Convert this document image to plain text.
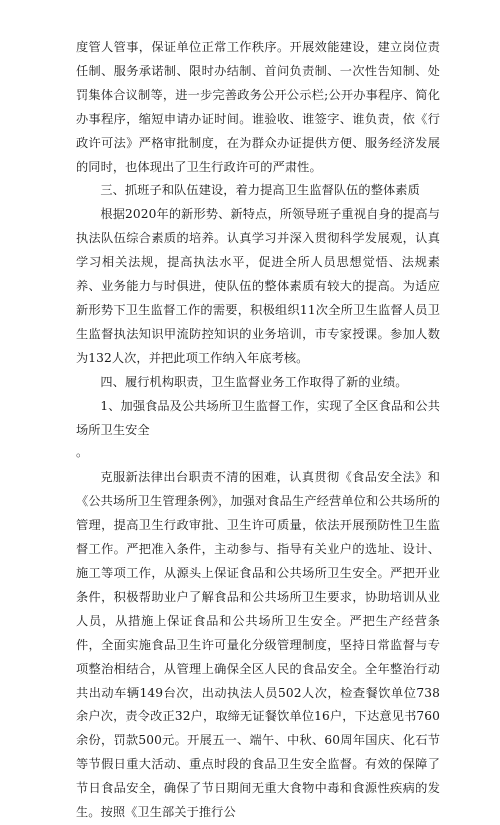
度管人管事，保证单位正常工作秩序。开展效能建设，建立岗位责任制、服务承诺制、限时办结制、首问负责制、一次性告知制、处罚集体合议制等，进一步完善政务公开公示栏;公开办事程序、简化办事程序，缩短申请办证时间。谁验收、谁签字、谁负责，依《行政许可法》严格审批制度，在为群众办证提供方便、服务经济发展的同时，也体现出了卫生行政许可的严肃性。

三、抓班子和队伍建设，着力提高卫生监督队伍的整体素质

根据2020年的新形势、新特点，所领导班子重视自身的提高与执法队伍综合素质的培养。认真学习并深入贯彻科学发展观，认真学习相关法规，提高执法水平，促进全所人员思想觉悟、法规素养、业务能力与时俱进，使队伍的整体素质有较大的提高。为适应新形势下卫生监督工作的需要，积极组织11次全所卫生监督人员卫生监督执法知识甲流防控知识的业务培训，市专家授课。参加人数为132人次，并把此项工作纳入年底考核。

四、履行机构职责，卫生监督业务工作取得了新的业绩。

1、加强食品及公共场所卫生监督工作，实现了全区食品和公共场所卫生安全

。

克服新法律出台职责不清的困难，认真贯彻《食品安全法》和《公共场所卫生管理条例》，加强对食品生产经营单位和公共场所的管理，提高卫生行政审批、卫生许可质量，依法开展预防性卫生监督工作。严把准入条件，主动参与、指导有关业户的选址、设计、施工等项工作，从源头上保证食品和公共场所卫生安全。严把开业条件，积极帮助业户了解食品和公共场所卫生要求，协助培训从业人员，从措施上保证食品和公共场所卫生安全。严把生产经营条件，全面实施食品卫生许可量化分级管理制度，坚持日常监督与专项整治相结合，从管理上确保全区人民的食品安全。全年整治行动共出动车辆149台次，出动执法人员502人次，检查餐饮单位738余户次，责令改正32户，取缔无证餐饮单位16户，下达意见书760余份，罚款500元。开展五一、端午、中秋、60周年国庆、化石节等节假日重大活动、重点时段的食品卫生安全监督。有效的保障了节日食品安全，确保了节日期间无重大食物中毒和食源性疾病的发生。按照《卫生部关于推行公
